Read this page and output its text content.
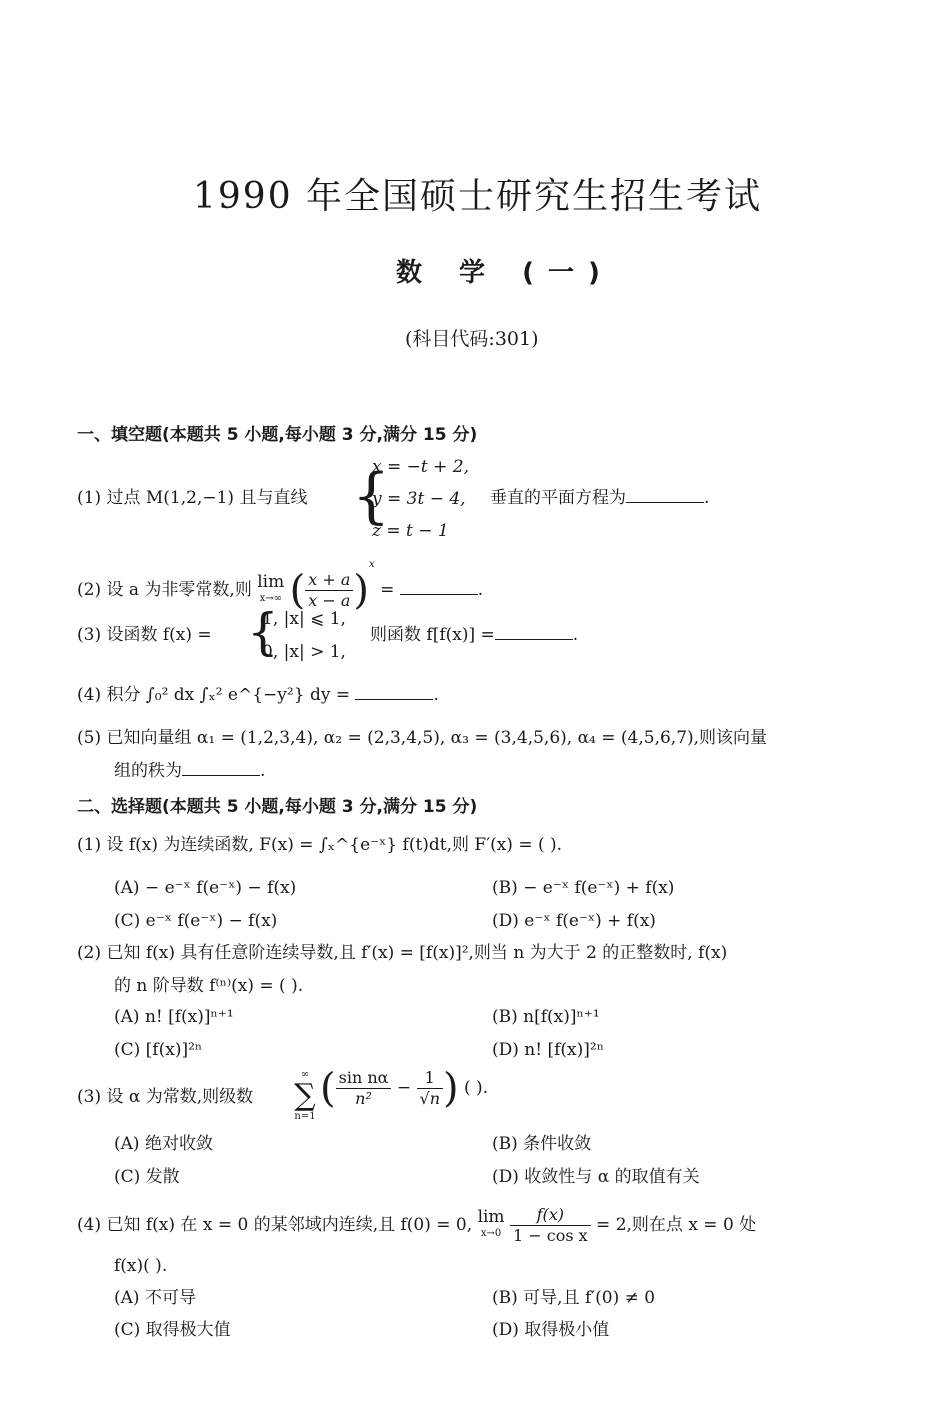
1990 年全国硕士研究生招生考试
数 学 (一)
(科目代码:301)
一、填空题(本题共 5 小题,每小题 3 分,满分 15 分)
(1) 过点 M(1,2,−1) 且与直线 {
x = −t + 2,
y = 3t − 4,
z = t − 1
垂直的平面方程为	.
(2) 设 a 为非零常数,则 lim
x→∞ ( $\frac{x + a}{x - a} )^x$ =	.
(3) 设函数 f(x) = {
1, |x| ⩽ 1,
0, |x| > 1,
则函数 f[f(x)] =	.
(4) 积分 ∫₀² dx ∫ₓ² e^{−y²} dy =	.
(5) 已知向量组 α₁ = (1,2,3,4), α₂ = (2,3,4,5), α₃ = (3,4,5,6), α₄ = (4,5,6,7),则该向量
组的秩为	.
二、选择题(本题共 5 小题,每小题 3 分,满分 15 分)
(1) 设 f(x) 为连续函数, F(x) = ∫ₓ^{e⁻ˣ} f(t)dt,则 F′(x) = ( ).
(A) − e⁻ˣ f(e⁻ˣ) − f(x)	(B) − e⁻ˣ f(e⁻ˣ) + f(x)
(C) e⁻ˣ f(e⁻ˣ) − f(x)	(D) e⁻ˣ f(e⁻ˣ) + f(x)
(2) 已知 f(x) 具有任意阶连续导数,且 f′(x) = [f(x)]²,则当 n 为大于 2 的正整数时, f(x)
的 n 阶导数 f⁽ⁿ⁾(x) = ( ).
(A) n! [f(x)]ⁿ⁺¹	(B) n[f(x)]ⁿ⁺¹
(C) [f(x)]²ⁿ	(D) n! [f(x)]²ⁿ
(3) 设 α 为常数,则级数
∞
∑
n=1
( $\frac{\text{sin nα}}{\text{n²}} - \frac{1}{√n}$ ) ( ).
(A) 绝对收敛	(B) 条件收敛
(C) 发散	(D) 收敛性与 α 的取值有关
(4) 已知 f(x) 在 x = 0 的某邻域内连续,且 f(0) = 0, lim
$x\to 0 \frac{f(x)}{\text{1 − cos x}} = 2$,则在点 x = 0 处
f(x)( ).
(A) 不可导	(B) 可导,且 f′(0) ≠ 0
(C) 取得极大值	(D) 取得极小值
